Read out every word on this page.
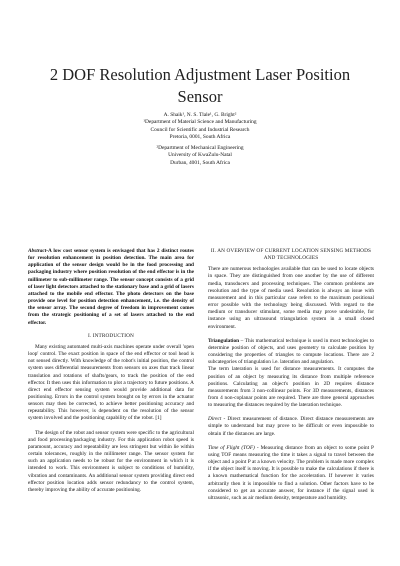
2 DOF Resolution Adjustment Laser Position Sensor
A. Shaik¹, N. S. Tlale¹, G. Bright²
¹Department of Material Science and Manufacturing
Council for Scientific and Industrial Research
Pretoria, 0001, South Africa
²Department of Mechanical Engineering
University of KwaZulu-Natal
Durban, 4001, South Africa

Abstract-A low cost sensor system is envisaged that has 2 distinct routes for resolution enhancement in position detection. The main area for application of the sensor design would be in the food processing and packaging industry where position resolution of the end effector is in the millimeter to sub-millimeter range. The sensor concept consists of a grid of laser light detectors attached to the stationary base and a grid of lasers attached to the mobile end effector. The photo detectors on the base provide one level for position detection enhancement, i.e. the density of the sensor array. The second degree of freedom in improvement comes from the strategic positioning of a set of lasers attached to the end effector.

I. INTRODUCTION

Many existing automated multi-axis machines operate under overall 'open loop' control. The exact position in space of the end effector or tool head is not sensed directly. With knowledge of the robot's initial position, the control system uses differential measurements from sensors on axes that track linear translation and rotations of shafts/gears, to track the position of the end effector. It then uses this information to plot a trajectory to future positions. A direct end effector sensing system would provide additional data for positioning. Errors in the control system brought on by errors in the actuator sensors may then be corrected, to achieve better positioning accuracy and repeatability. This however, is dependent on the resolution of the sensor system involved and the positioning capability of the robot. [1]

The design of the robot and sensor system were specific to the agricultural and food processing/packaging industry. For this application robot speed is paramount, accuracy and repeatability are less stringent but within lie within certain tolerances, roughly in the millimeter range. The sensor system for such an application needs to be robust for the environment in which it is intended to work. This environment is subject to conditions of humidity, vibration and contaminants. An additional sensor system providing direct end effector position location adds sensor redundancy to the control system, thereby improving the ability of accurate positioning.

II. AN OVERVIEW OF CURRENT LOCATION SENSING METHODS AND TECHNOLOGIES

There are numerous technologies available that can be used to locate objects in space. They are distinguished from one another by the use of different media, transducers and processing techniques. The common problems are resolution and the type of media used. Resolution is always an issue with measurement and in this particular case refers to the maximum positional error possible with the technology being discussed. With regard to the medium or transducer stimulant, some media may prove undesirable, for instance using an ultrasound triangulation system in a small closed environment.

Triangulation – This mathematical technique is used in most technologies to determine position of objects, and uses geometry to calculate position by considering the properties of triangles to compute locations. There are 2 subcategories of triangulation i.e. lateration and angulation.

The term lateration is used for distance measurements. It computes the position of an object by measuring its distance from multiple reference positions. Calculating an object's position in 2D requires distance measurements from 3 non-collinear points. For 3D measurements, distances from 4 non-coplanar points are required. There are three general approaches to measuring the distances required by the lateration technique.

Direct - Direct measurement of distance. Direct distance measurements are simple to understand but may prove to be difficult or even impossible to obtain if the distances are large.

Time of Flight (TOF) - Measuring distance from an object to some point P using TOF means measuring the time it takes a signal to travel between the object and a point P at a known velocity. The problem is made more complex if the object itself is moving. It is possible to make the calculations if there is a known mathematical function for the acceleration. If however it varies arbitrarily then it is impossible to find a solution. Other factors have to be considered to get an accurate answer, for instance if the signal used is ultrasonic, such as air medium density, temperature and humidity.
